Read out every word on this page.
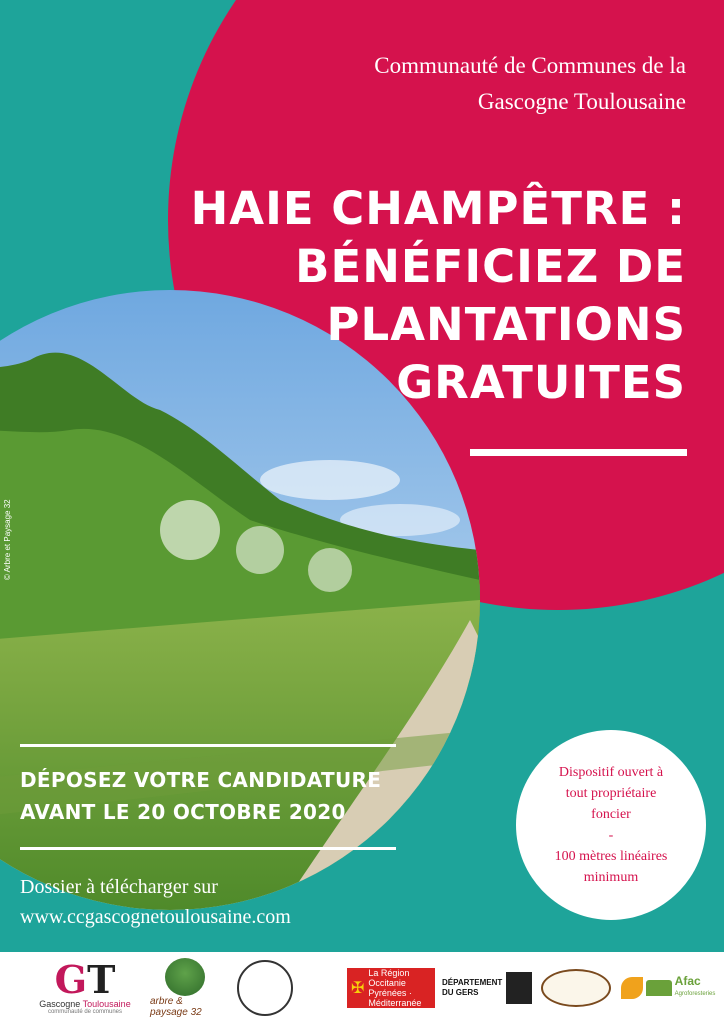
Communauté de Communes de la
Gascogne Toulousaine
HAIE CHAMPÊTRE :
BÉNÉFICIEZ DE
PLANTATIONS
GRATUITES
DÉPOSEZ VOTRE CANDIDATURE
AVANT LE 20 OCTOBRE 2020
Dossier à télécharger sur
www.ccgascognetoulousaine.com
Dispositif ouvert à
tout propriétaire
foncier
-
100 mètres linéaires
minimum
© Arbre et Paysage 32
GT
Gascogne Toulousaine
communauté de communes
arbre & paysage 32
✠
La Région Occitanie Pyrénées · Méditerranée
DÉPARTEMENT
DU GERS
Afac
Agroforesteries
